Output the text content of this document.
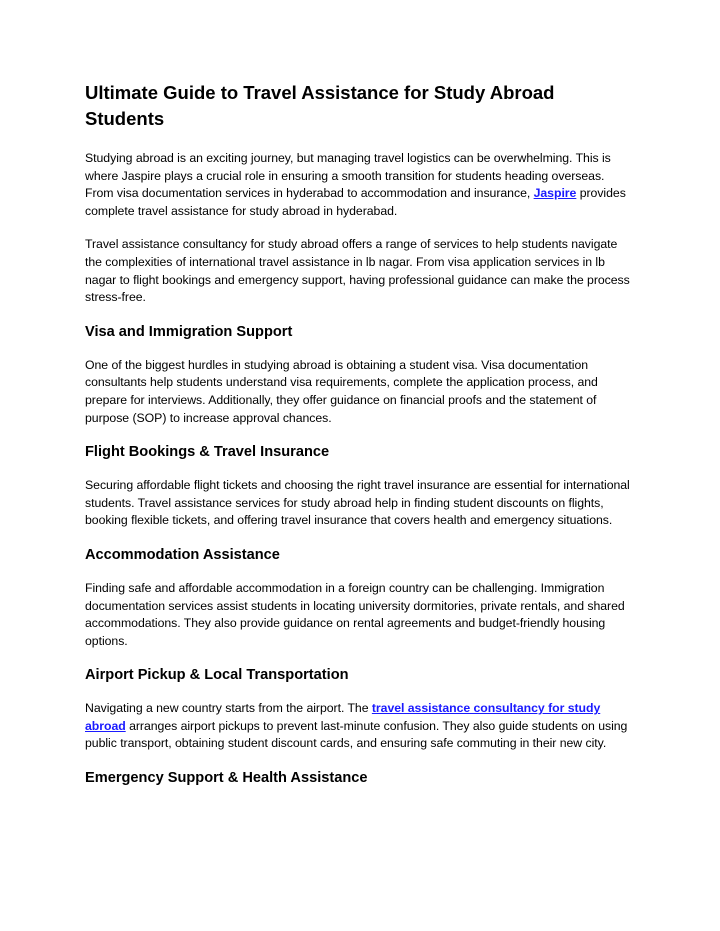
Ultimate Guide to Travel Assistance for Study Abroad Students

Studying abroad is an exciting journey, but managing travel logistics can be overwhelming. This is where Jaspire plays a crucial role in ensuring a smooth transition for students heading overseas. From visa documentation services in hyderabad to accommodation and insurance, Jaspire provides complete travel assistance for study abroad in hyderabad.

Travel assistance consultancy for study abroad offers a range of services to help students navigate the complexities of international travel assistance in lb nagar. From visa application services in lb nagar to flight bookings and emergency support, having professional guidance can make the process stress-free.

Visa and Immigration Support

One of the biggest hurdles in studying abroad is obtaining a student visa. Visa documentation consultants help students understand visa requirements, complete the application process, and prepare for interviews. Additionally, they offer guidance on financial proofs and the statement of purpose (SOP) to increase approval chances.

Flight Bookings & Travel Insurance

Securing affordable flight tickets and choosing the right travel insurance are essential for international students. Travel assistance services for study abroad help in finding student discounts on flights, booking flexible tickets, and offering travel insurance that covers health and emergency situations.

Accommodation Assistance

Finding safe and affordable accommodation in a foreign country can be challenging. Immigration documentation services assist students in locating university dormitories, private rentals, and shared accommodations. They also provide guidance on rental agreements and budget-friendly housing options.

Airport Pickup & Local Transportation

Navigating a new country starts from the airport. The travel assistance consultancy for study abroad arranges airport pickups to prevent last-minute confusion. They also guide students on using public transport, obtaining student discount cards, and ensuring safe commuting in their new city.

Emergency Support & Health Assistance
